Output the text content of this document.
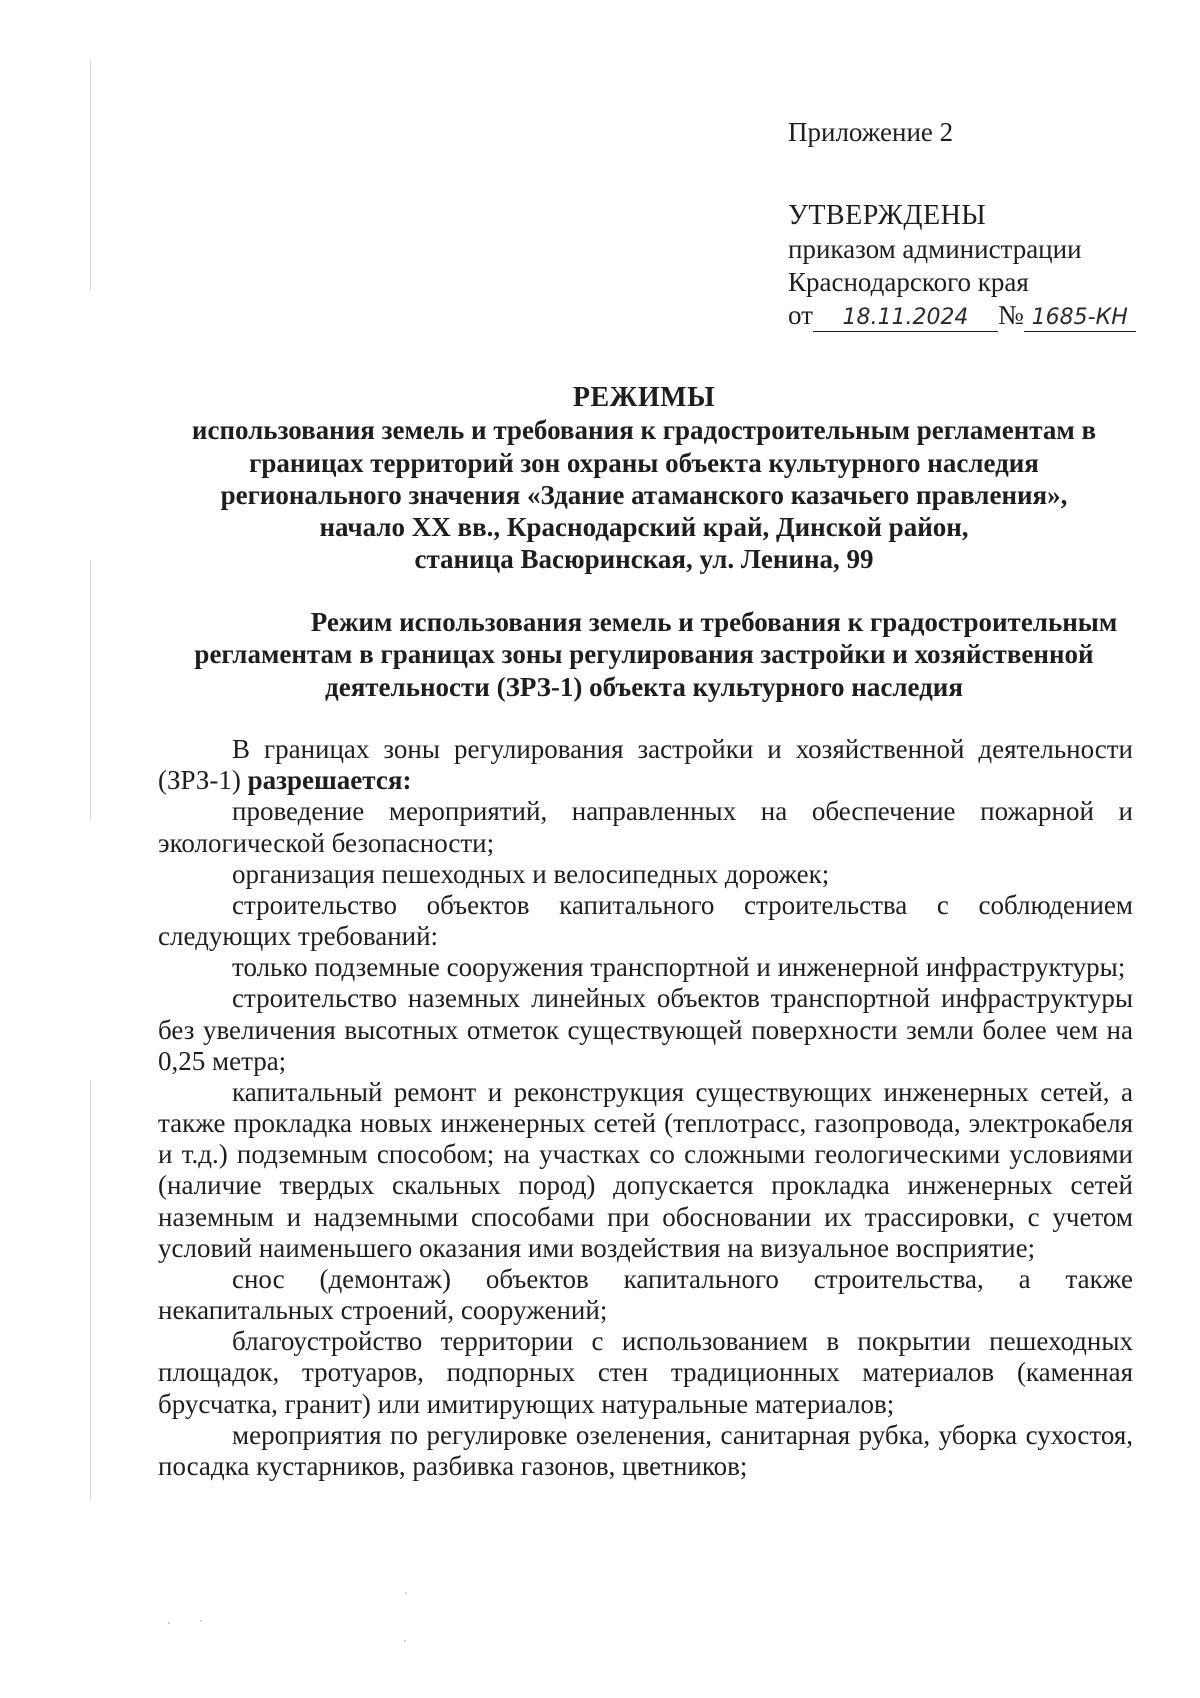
Приложение 2
УТВЕРЖДЕНЫ
приказом администрации
Краснодарского края
от 18.11.2024 № 1685-КН
РЕЖИМЫ
использования земель и требования к градостроительным регламентам в
границах территорий зон охраны объекта культурного наследия
регионального значения «Здание атаманского казачьего правления»,
начало XX вв., Краснодарский край, Динской район,
станица Васюринская, ул. Ленина, 99
Режим использования земель и требования к градостроительным
регламентам в границах зоны регулирования застройки и хозяйственной
деятельности (ЗРЗ-1) объекта культурного наследия

В границах зоны регулирования застройки и хозяйственной деятельности (ЗРЗ-1) разрешается:

проведение мероприятий, направленных на обеспечение пожарной и экологической безопасности;

организация пешеходных и велосипедных дорожек;

строительство объектов капитального строительства с соблюдением следующих требований:

только подземные сооружения транспортной и инженерной инфраструктуры;

строительство наземных линейных объектов транспортной инфраструктуры без увеличения высотных отметок существующей поверхности земли более чем на 0,25 метра;

капитальный ремонт и реконструкция существующих инженерных сетей, а также прокладка новых инженерных сетей (теплотрасс, газопровода, электрокабеля и т.д.) подземным способом; на участках со сложными геологическими условиями (наличие твердых скальных пород) допускается прокладка инженерных сетей наземным и надземными способами при обосновании их трассировки, с учетом условий наименьшего оказания ими воздействия на визуальное восприятие;

снос (демонтаж) объектов капитального строительства, а также некапитальных строений, сооружений;

благоустройство территории с использованием в покрытии пешеходных площадок, тротуаров, подпорных стен традиционных материалов (каменная брусчатка, гранит) или имитирующих натуральные материалов;

мероприятия по регулировке озеленения, санитарная рубка, уборка сухостоя, посадка кустарников, разбивка газонов, цветников;
